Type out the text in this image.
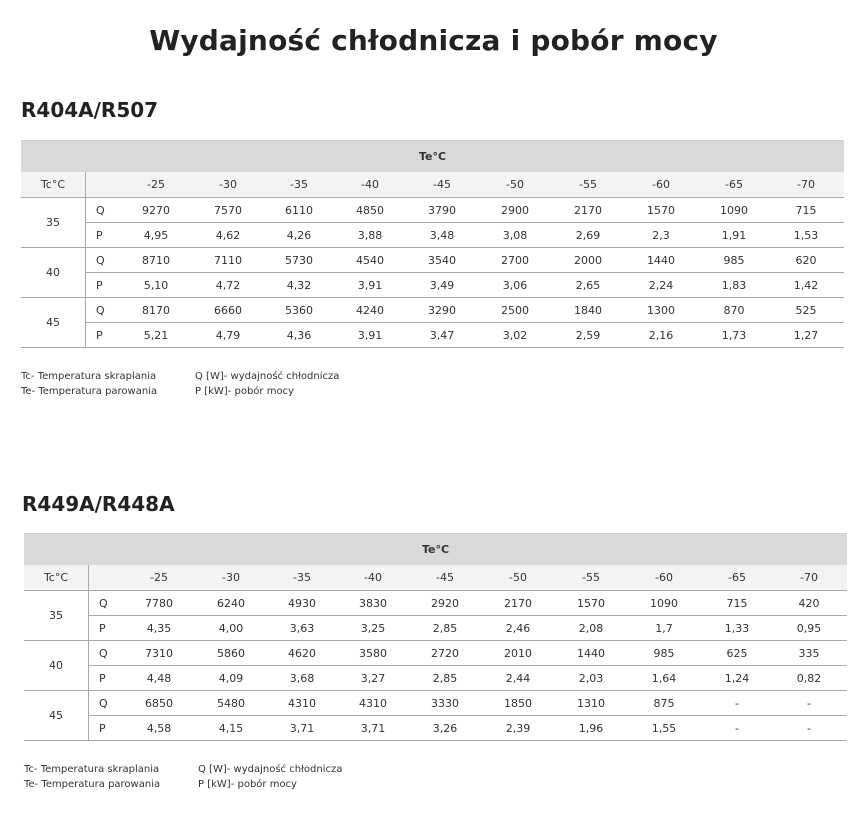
Wydajność chłodnicza i pobór mocy
R404A/R507
Te°C
Tc°C	-25	-30	-35	-40	-45	-50	-55	-60	-65	-70
35
Q	9270	7570	6110	4850	3790	2900	2170	1570	1090	715
P	4,95	4,62	4,26	3,88	3,48	3,08	2,69	2,3	1,91	1,53
40
Q	8710	7110	5730	4540	3540	2700	2000	1440	985	620
P	5,10	4,72	4,32	3,91	3,49	3,06	2,65	2,24	1,83	1,42
45
Q	8170	6660	5360	4240	3290	2500	1840	1300	870	525
P	5,21	4,79	4,36	3,91	3,47	3,02	2,59	2,16	1,73	1,27
Tc- Temperatura skraplania
Te- Temperatura parowania
Q [W]- wydajność chłodnicza
P [kW]- pobór mocy
R449A/R448A
Te°C
Tc°C	-25	-30	-35	-40	-45	-50	-55	-60	-65	-70
35
Q	7780	6240	4930	3830	2920	2170	1570	1090	715	420
P	4,35	4,00	3,63	3,25	2,85	2,46	2,08	1,7	1,33	0,95
40
Q	7310	5860	4620	3580	2720	2010	1440	985	625	335
P	4,48	4,09	3,68	3,27	2,85	2,44	2,03	1,64	1,24	0,82
45
Q	6850	5480	4310	4310	3330	1850	1310	875	-	-
P	4,58	4,15	3,71	3,71	3,26	2,39	1,96	1,55	-	-
Tc- Temperatura skraplania
Te- Temperatura parowania
Q [W]- wydajność chłodnicza
P [kW]- pobór mocy
